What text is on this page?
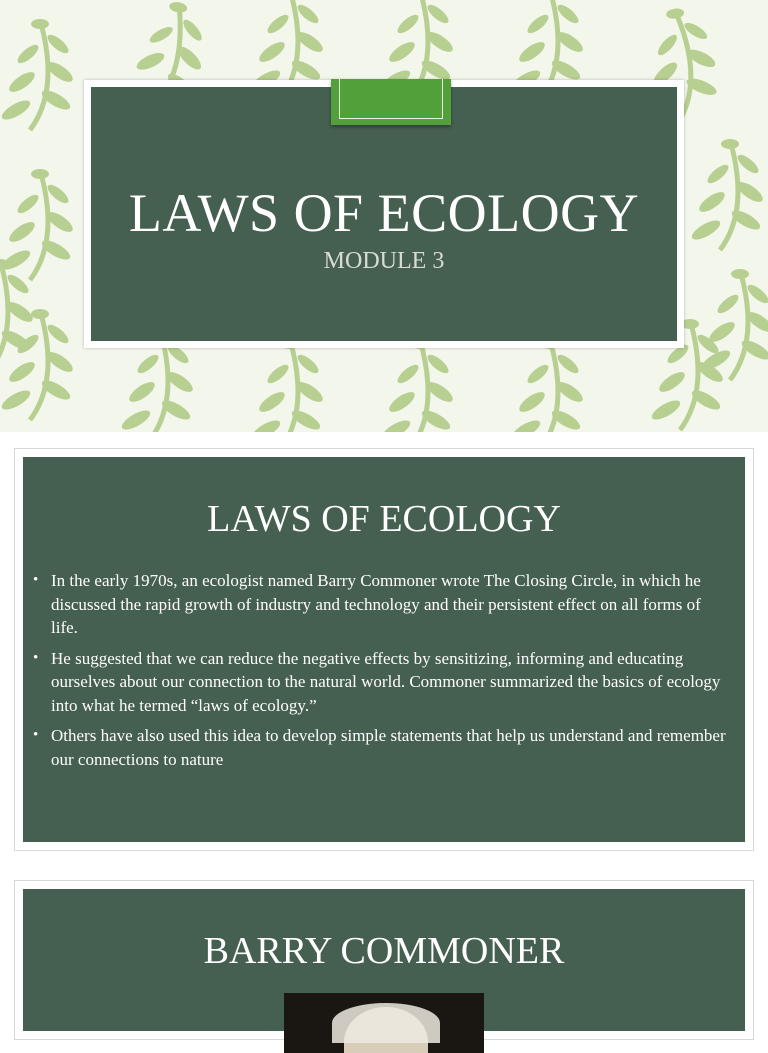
LAWS OF ECOLOGY
MODULE 3
LAWS OF ECOLOGY
• In the early 1970s, an ecologist named Barry Commoner wrote The Closing Circle, in which he discussed the rapid growth of industry and technology and their persistent effect on all forms of life.
• He suggested that we can reduce the negative effects by sensitizing, informing and educating ourselves about our connection to the natural world. Commoner summarized the basics of ecology into what he termed “laws of ecology.”
• Others have also used this idea to develop simple statements that help us understand and remember our connections to nature
BARRY COMMONER
